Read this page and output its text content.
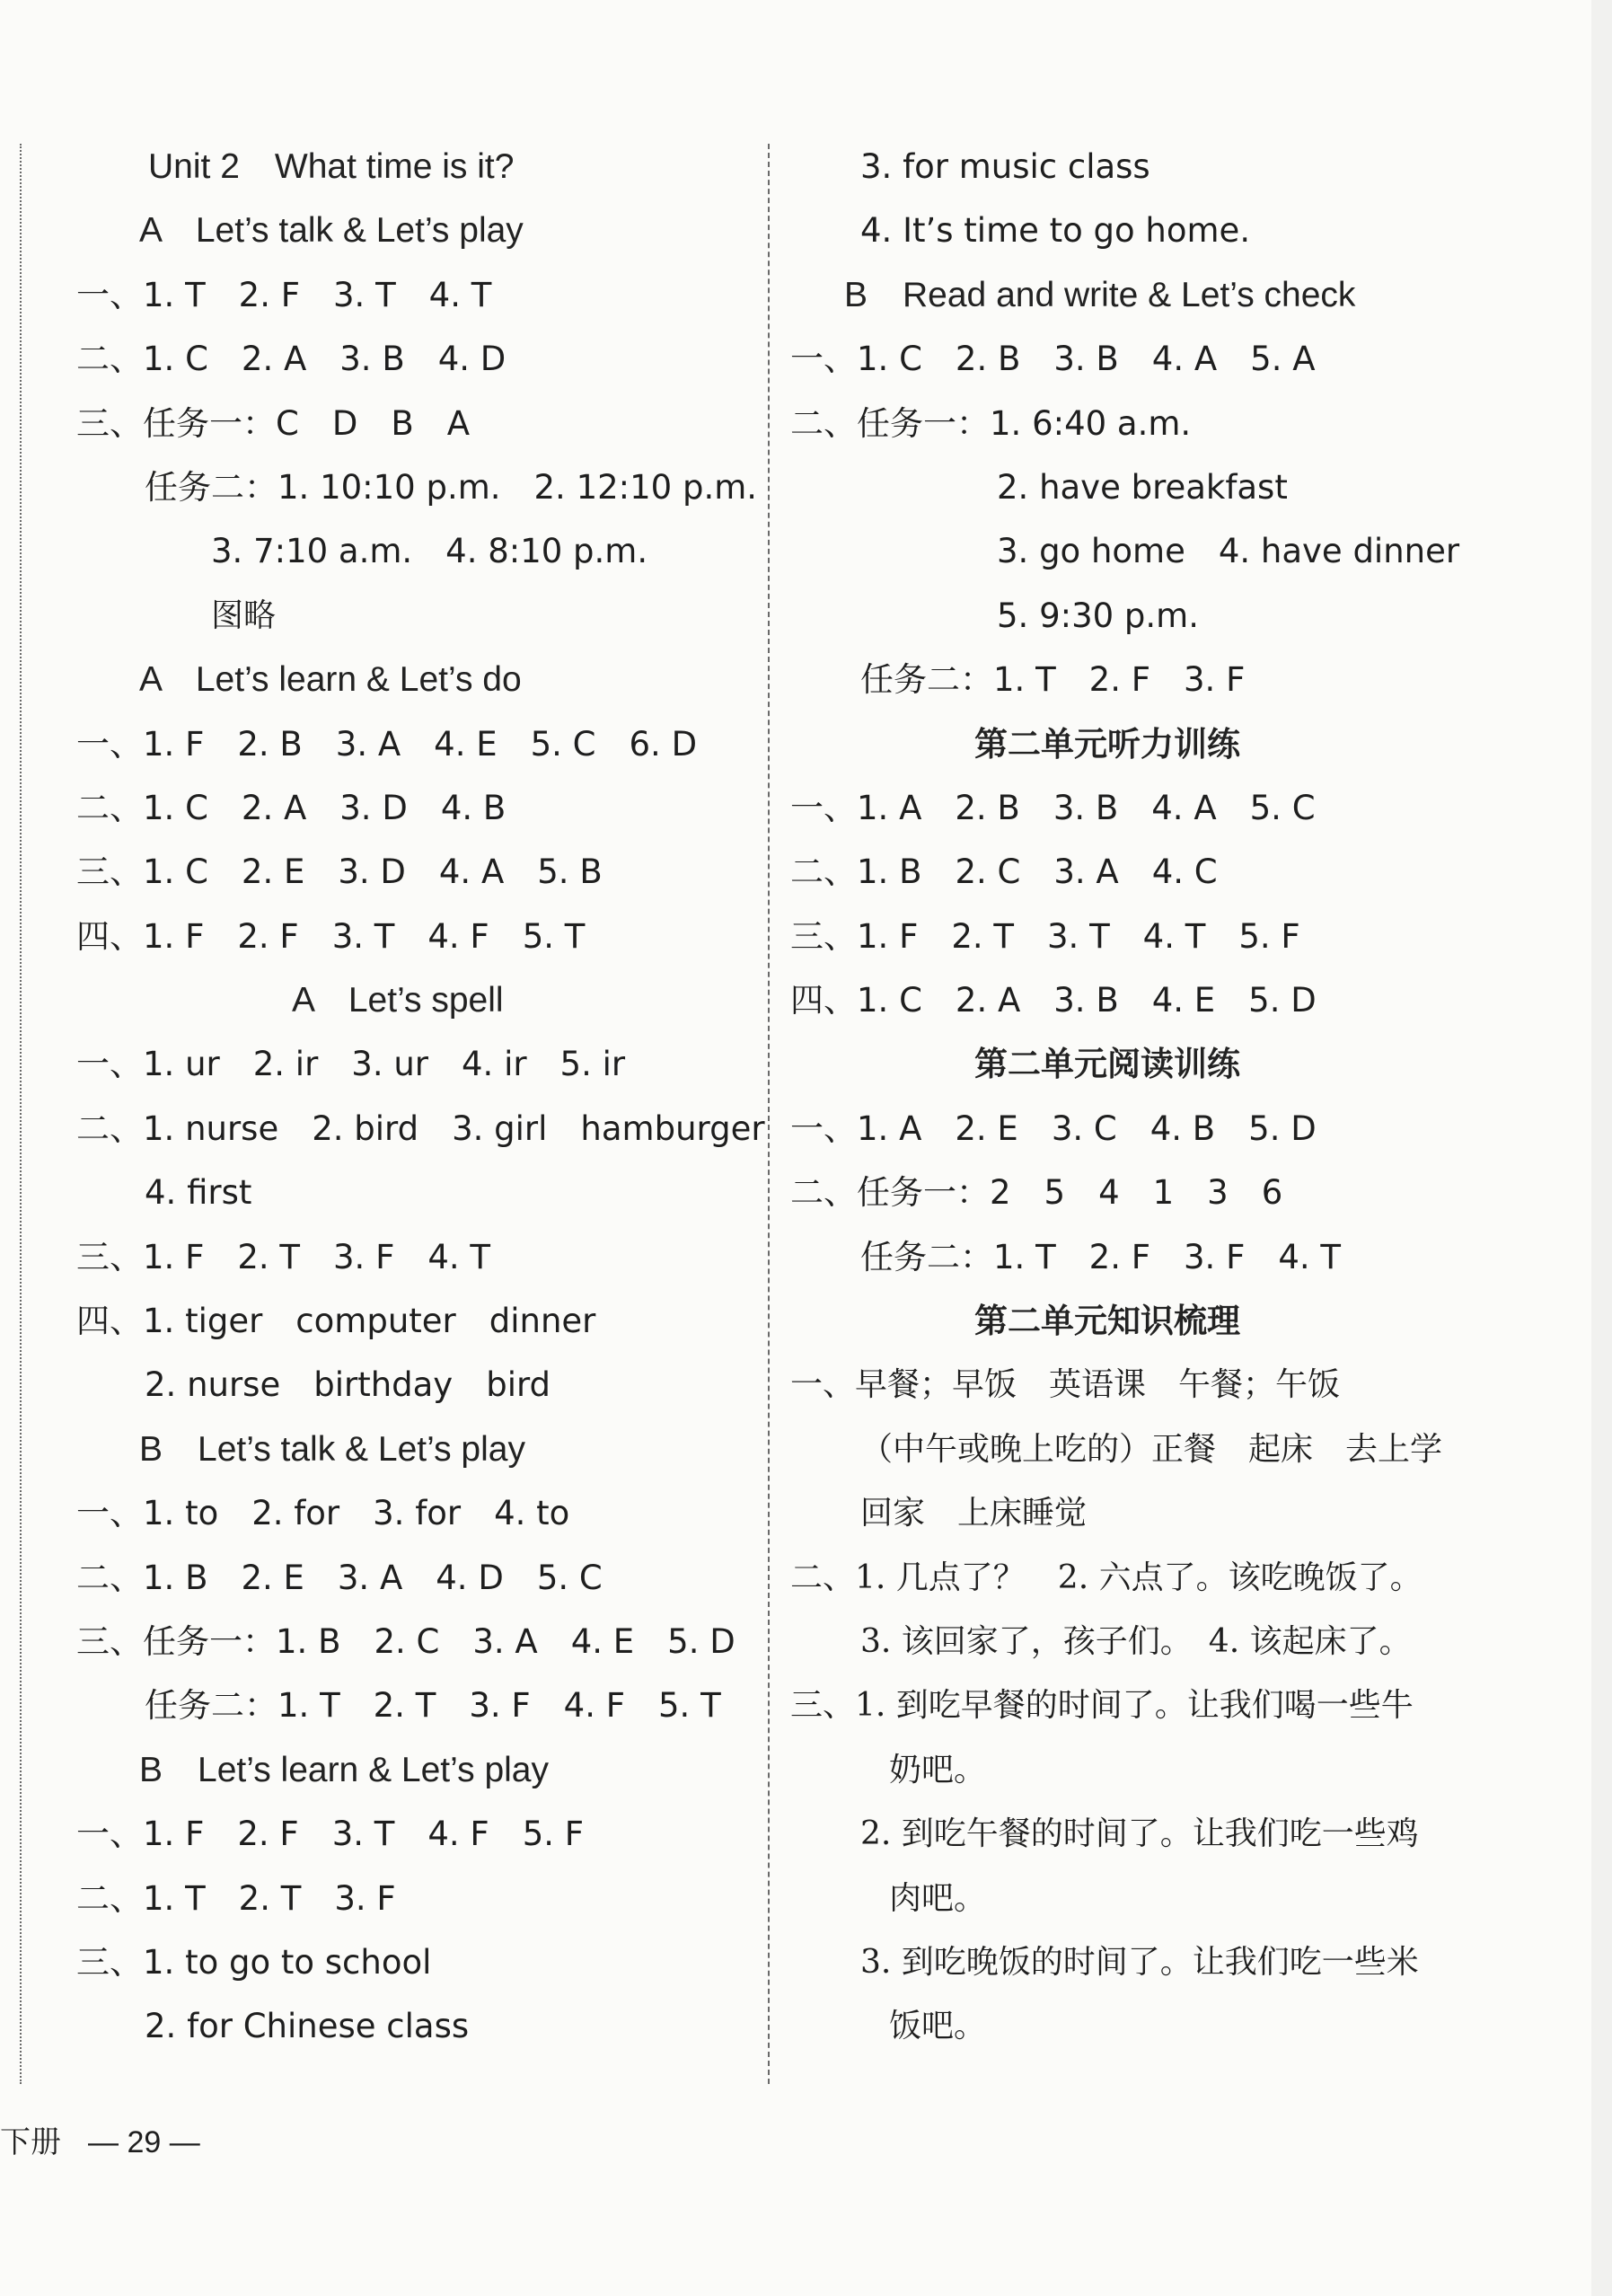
Unit 2　What time is it?
A　Let’s talk & Let’s play
一、1. T　2. F　3. T　4. T
二、1. C　2. A　3. B　4. D
三、任务一：C　D　B　A
任务二：1. 10:10 p.m.　2. 12:10 p.m.
3. 7:10 a.m.　4. 8:10 p.m.
图略
A　Let’s learn & Let’s do
一、1. F　2. B　3. A　4. E　5. C　6. D
二、1. C　2. A　3. D　4. B
三、1. C　2. E　3. D　4. A　5. B
四、1. F　2. F　3. T　4. F　5. T
A　Let’s spell
一、1. ur　2. ir　3. ur　4. ir　5. ir
二、1. nurse　2. bird　3. girl　hamburger
4. first
三、1. F　2. T　3. F　4. T
四、1. tiger　computer　dinner
2. nurse　birthday　bird
B　Let’s talk & Let’s play
一、1. to　2. for　3. for　4. to
二、1. B　2. E　3. A　4. D　5. C
三、任务一：1. B　2. C　3. A　4. E　5. D
任务二：1. T　2. T　3. F　4. F　5. T
B　Let’s learn & Let’s play
一、1. F　2. F　3. T　4. F　5. F
二、1. T　2. T　3. F
三、1. to go to school
2. for Chinese class
3. for music class
4. It’s time to go home.
B　Read and write & Let’s check
一、1. C　2. B　3. B　4. A　5. A
二、任务一：1. 6:40 a.m.
2. have breakfast
3. go home　4. have dinner
5. 9:30 p.m.
任务二：1. T　2. F　3. F
第二单元听力训练
一、1. A　2. B　3. B　4. A　5. C
二、1. B　2. C　3. A　4. C
三、1. F　2. T　3. T　4. T　5. F
四、1. C　2. A　3. B　4. E　5. D
第二单元阅读训练
一、1. A　2. E　3. C　4. B　5. D
二、任务一：2　5　4　1　3　6
任务二：1. T　2. F　3. F　4. T
第二单元知识梳理
一、早餐；早饭　英语课　午餐；午饭
（中午或晚上吃的）正餐　起床　去上学
回家　上床睡觉
二、1. 几点了？　2. 六点了。该吃晚饭了。
3. 该回家了，孩子们。　4. 该起床了。
三、1. 到吃早餐的时间了。让我们喝一些牛
奶吧。
2. 到吃午餐的时间了。让我们吃一些鸡
肉吧。
3. 到吃晚饭的时间了。让我们吃一些米
饭吧。
下册 — 29 —
